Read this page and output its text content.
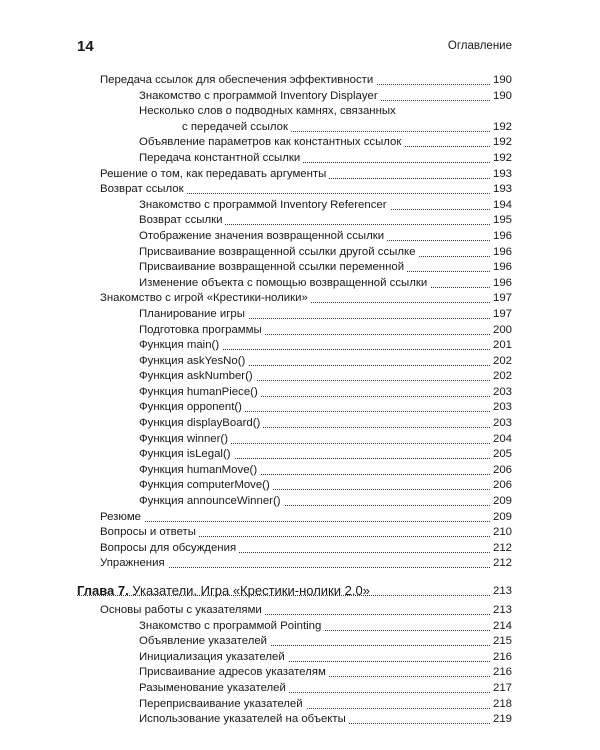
14	Оглавление
Передача ссылок для обеспечения эффективности	190
Знакомство с программой Inventory Displayer	190
Несколько слов о подводных камнях, связанных
с передачей ссылок	192
Объявление параметров как константных ссылок	192
Передача константной ссылки	192
Решение о том, как передавать аргументы	193
Возврат ссылок	193
Знакомство с программой Inventory Referencer	194
Возврат ссылки	195
Отображение значения возвращенной ссылки	196
Присваивание возвращенной ссылки другой ссылке	196
Присваивание возвращенной ссылки переменной	196
Изменение объекта с помощью возвращенной ссылки	196
Знакомство с игрой «Крестики-нолики»	197
Планирование игры	197
Подготовка программы	200
Функция main()	201
Функция askYesNo()	202
Функция askNumber()	202
Функция humanPiece()	203
Функция opponent()	203
Функция displayBoard()	203
Функция winner()	204
Функция isLegal()	205
Функция humanMove()	206
Функция computerMove()	206
Функция announceWinner()	209
Резюме	209
Вопросы и ответы	210
Вопросы для обсуждения	212
Упражнения	212
Глава 7. Указатели. Игра «Крестики-нолики 2.0»	213
Основы работы с указателями	213
Знакомство с программой Pointing	214
Объявление указателей	215
Инициализация указателей	216
Присваивание адресов указателям	216
Разыменование указателей	217
Переприсваивание указателей	218
Использование указателей на объекты	219
